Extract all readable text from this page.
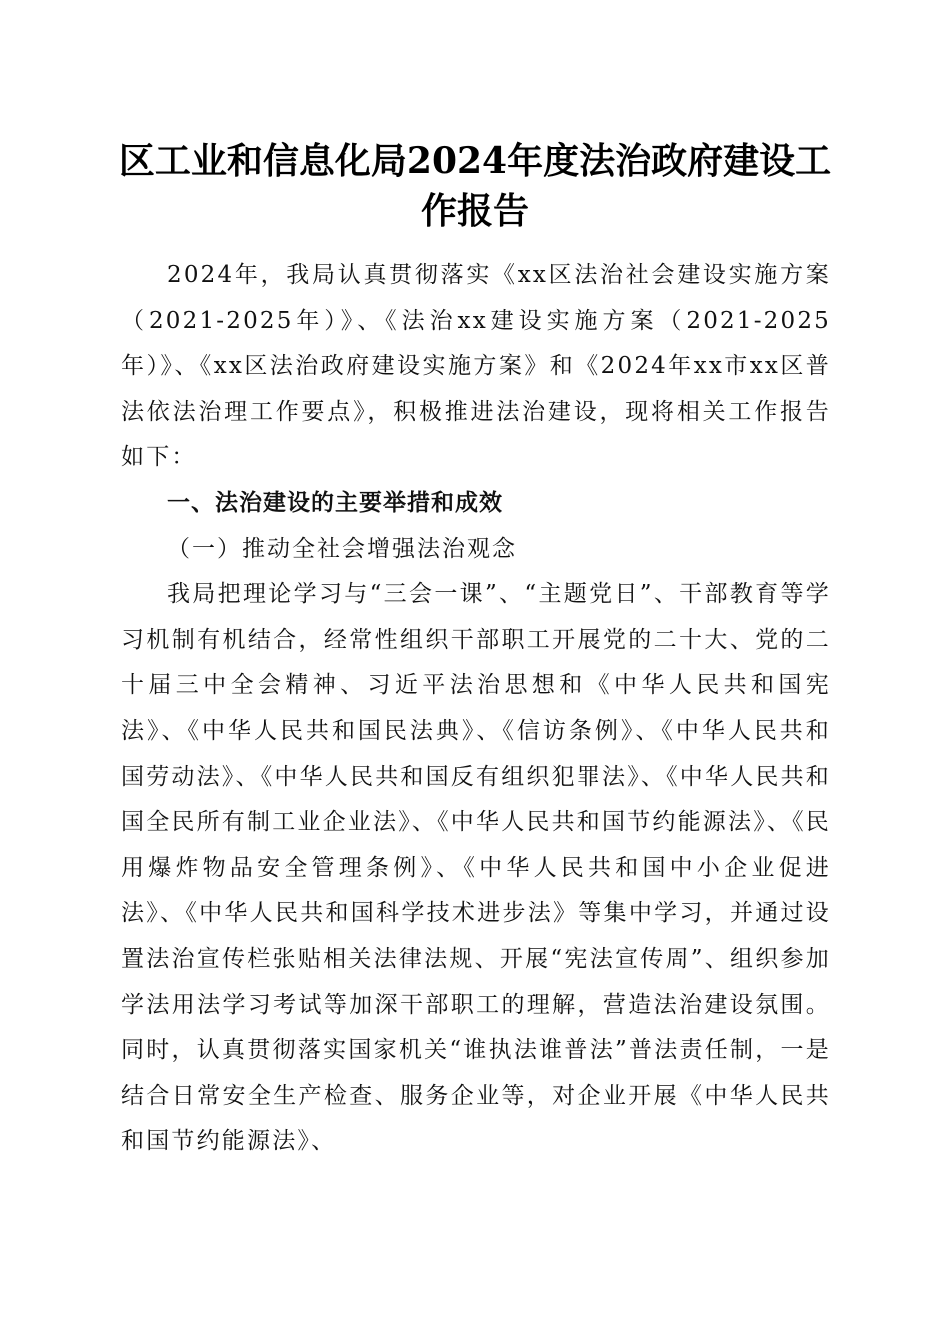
区工业和信息化局2024年度法治政府建设工作报告

2024年，我局认真贯彻落实《xx区法治社会建设实施方案（2021-2025年）》、《法治xx建设实施方案（2021-2025年）》、《xx区法治政府建设实施方案》和《2024年xx市xx区普法依法治理工作要点》，积极推进法治建设，现将相关工作报告如下：

一、法治建设的主要举措和成效

（一）推动全社会增强法治观念

我局把理论学习与“三会一课”、“主题党日”、干部教育等学习机制有机结合，经常性组织干部职工开展党的二十大、党的二十届三中全会精神、习近平法治思想和《中华人民共和国宪法》、《中华人民共和国民法典》、《信访条例》、《中华人民共和国劳动法》、《中华人民共和国反有组织犯罪法》、《中华人民共和国全民所有制工业企业法》、《中华人民共和国节约能源法》、《民用爆炸物品安全管理条例》、《中华人民共和国中小企业促进法》、《中华人民共和国科学技术进步法》等集中学习，并通过设置法治宣传栏张贴相关法律法规、开展“宪法宣传周”、组织参加学法用法学习考试等加深干部职工的理解，营造法治建设氛围。同时，认真贯彻落实国家机关“谁执法谁普法”普法责任制，一是结合日常安全生产检查、服务企业等，对企业开展《中华人民共和国节约能源法》、
